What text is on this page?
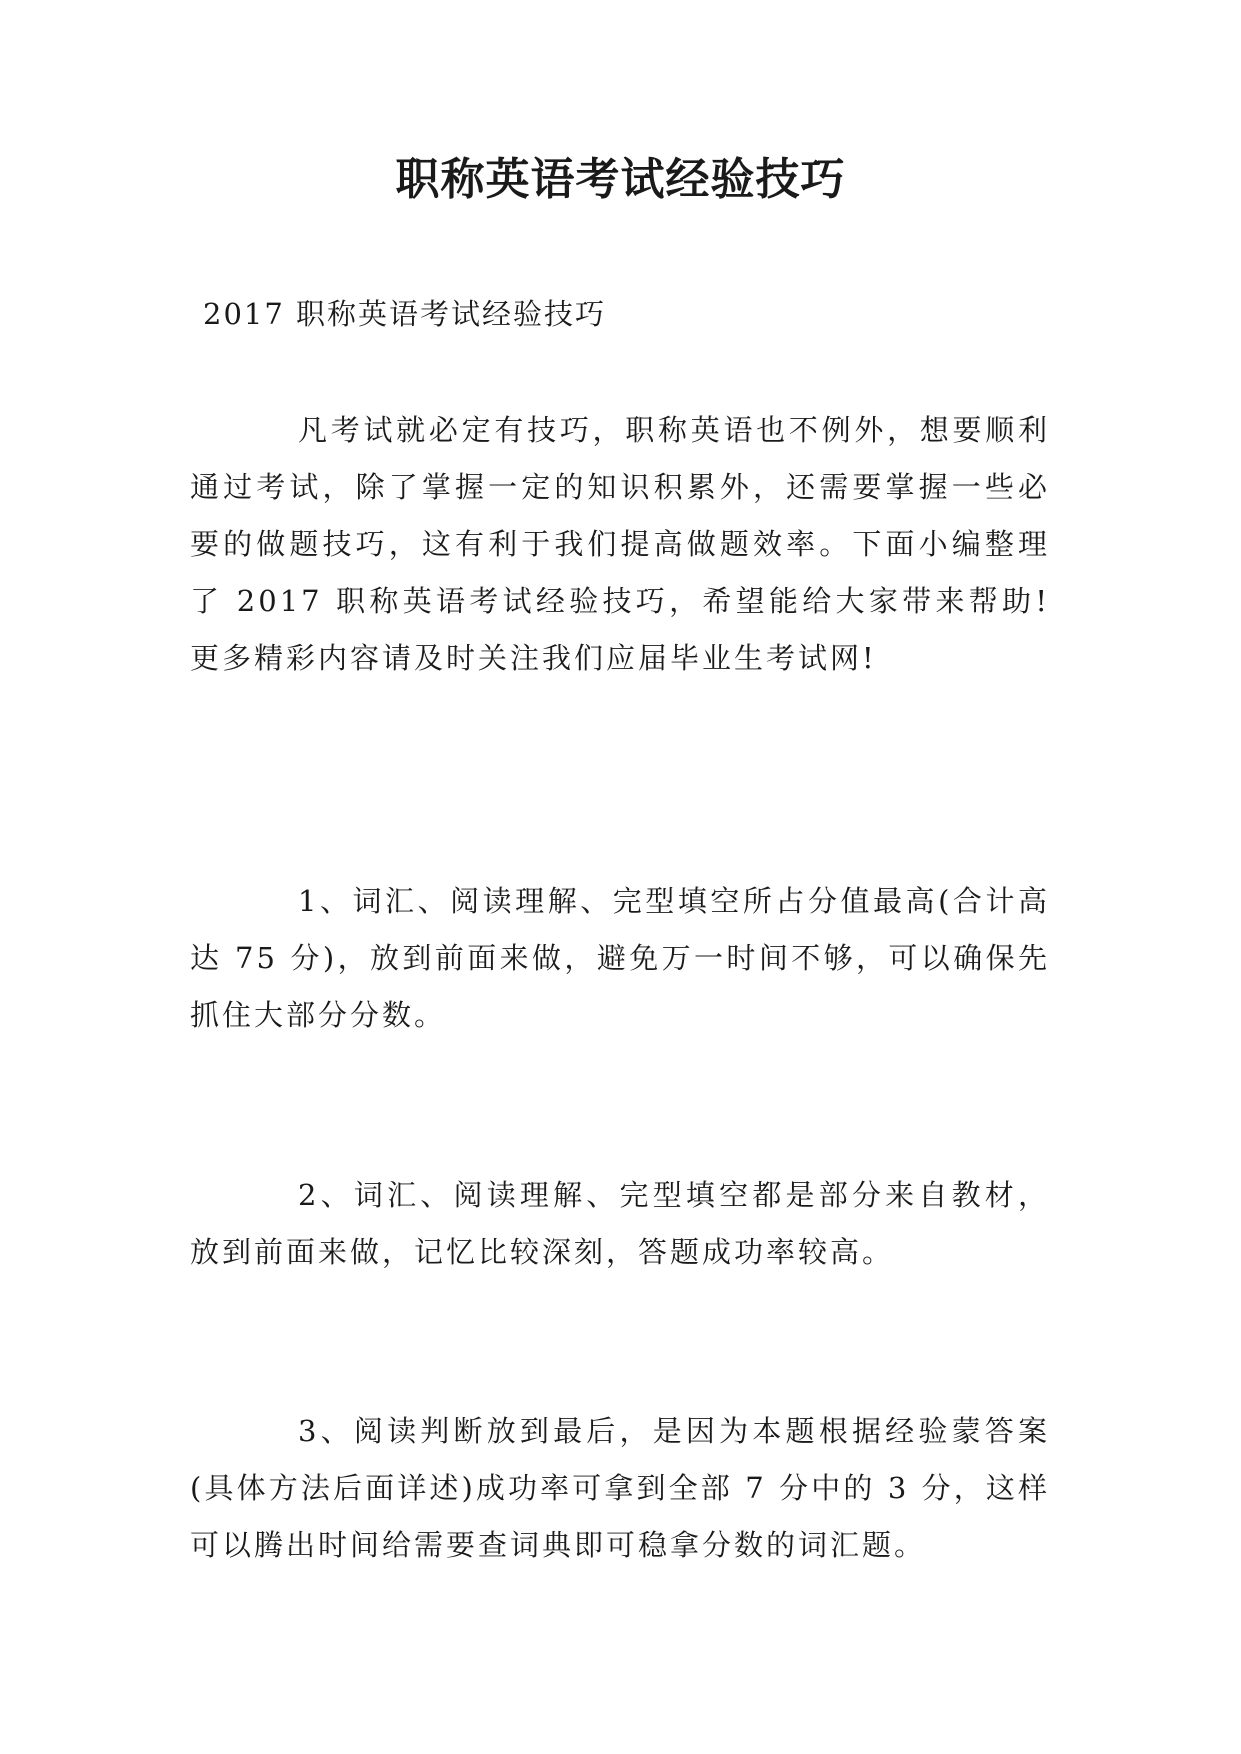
职称英语考试经验技巧

2017 职称英语考试经验技巧

凡考试就必定有技巧，职称英语也不例外，想要顺利通过考试，除了掌握一定的知识积累外，还需要掌握一些必要的做题技巧，这有利于我们提高做题效率。下面小编整理了 2017 职称英语考试经验技巧，希望能给大家带来帮助!更多精彩内容请及时关注我们应届毕业生考试网!

1、词汇、阅读理解、完型填空所占分值最高(合计高达 75 分)，放到前面来做，避免万一时间不够，可以确保先抓住大部分分数。

2、词汇、阅读理解、完型填空都是部分来自教材，放到前面来做，记忆比较深刻，答题成功率较高。

3、阅读判断放到最后，是因为本题根据经验蒙答案(具体方法后面详述)成功率可拿到全部 7 分中的 3 分，这样可以腾出时间给需要查词典即可稳拿分数的词汇题。
